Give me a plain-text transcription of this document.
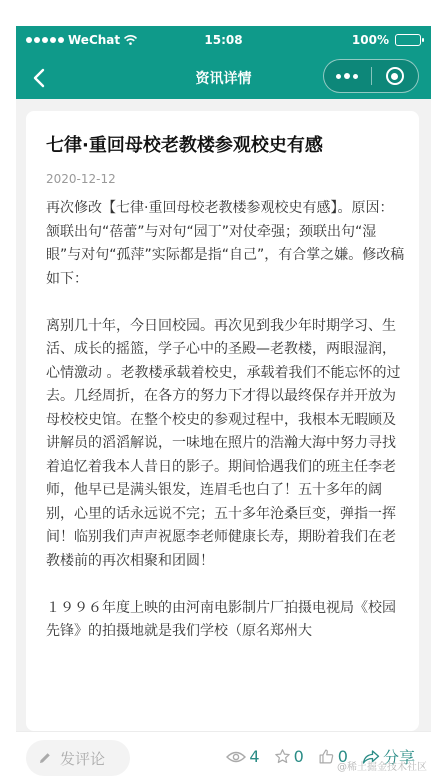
WeChat	15:08	100%
资讯详情
七律·重回母校老教楼参观校史有感
2020-12-12

再次修改【七律·重回母校老教楼参观校史有感】。原因：颔联出句“蓓蕾”与对句“园丁”对仗牵强；颈联出句“湿眼”与对句“孤萍”实际都是指“自己”，有合掌之嫌。修改稿如下：

离别几十年，今日回校园。再次见到我少年时期学习、生活、成长的摇篮，学子心中的圣殿—老教楼，两眼湿润，心情激动 。老教楼承载着校史，承载着我们不能忘怀的过去。几经周折，在各方的努力下才得以最终保存并开放为母校校史馆。在整个校史的参观过程中，我根本无暇顾及讲解员的滔滔解说，一味地在照片的浩瀚大海中努力寻找着追忆着我本人昔日的影子。期间恰遇我们的班主任李老师，他早已是满头银发，连眉毛也白了！五十多年的阔别，心里的话永远说不完；五十多年沧桑巨变，弹指一挥间！临别我们声声祝愿李老师健康长寿，期盼着我们在老教楼前的再次相聚和团圆！

１９９６年度上映的由河南电影制片厂拍摄电视局《校园先锋》的拍摄地就是我们学校（原名郑州大

发评论	4 0 0 分享
@稀土掘金技术社区
